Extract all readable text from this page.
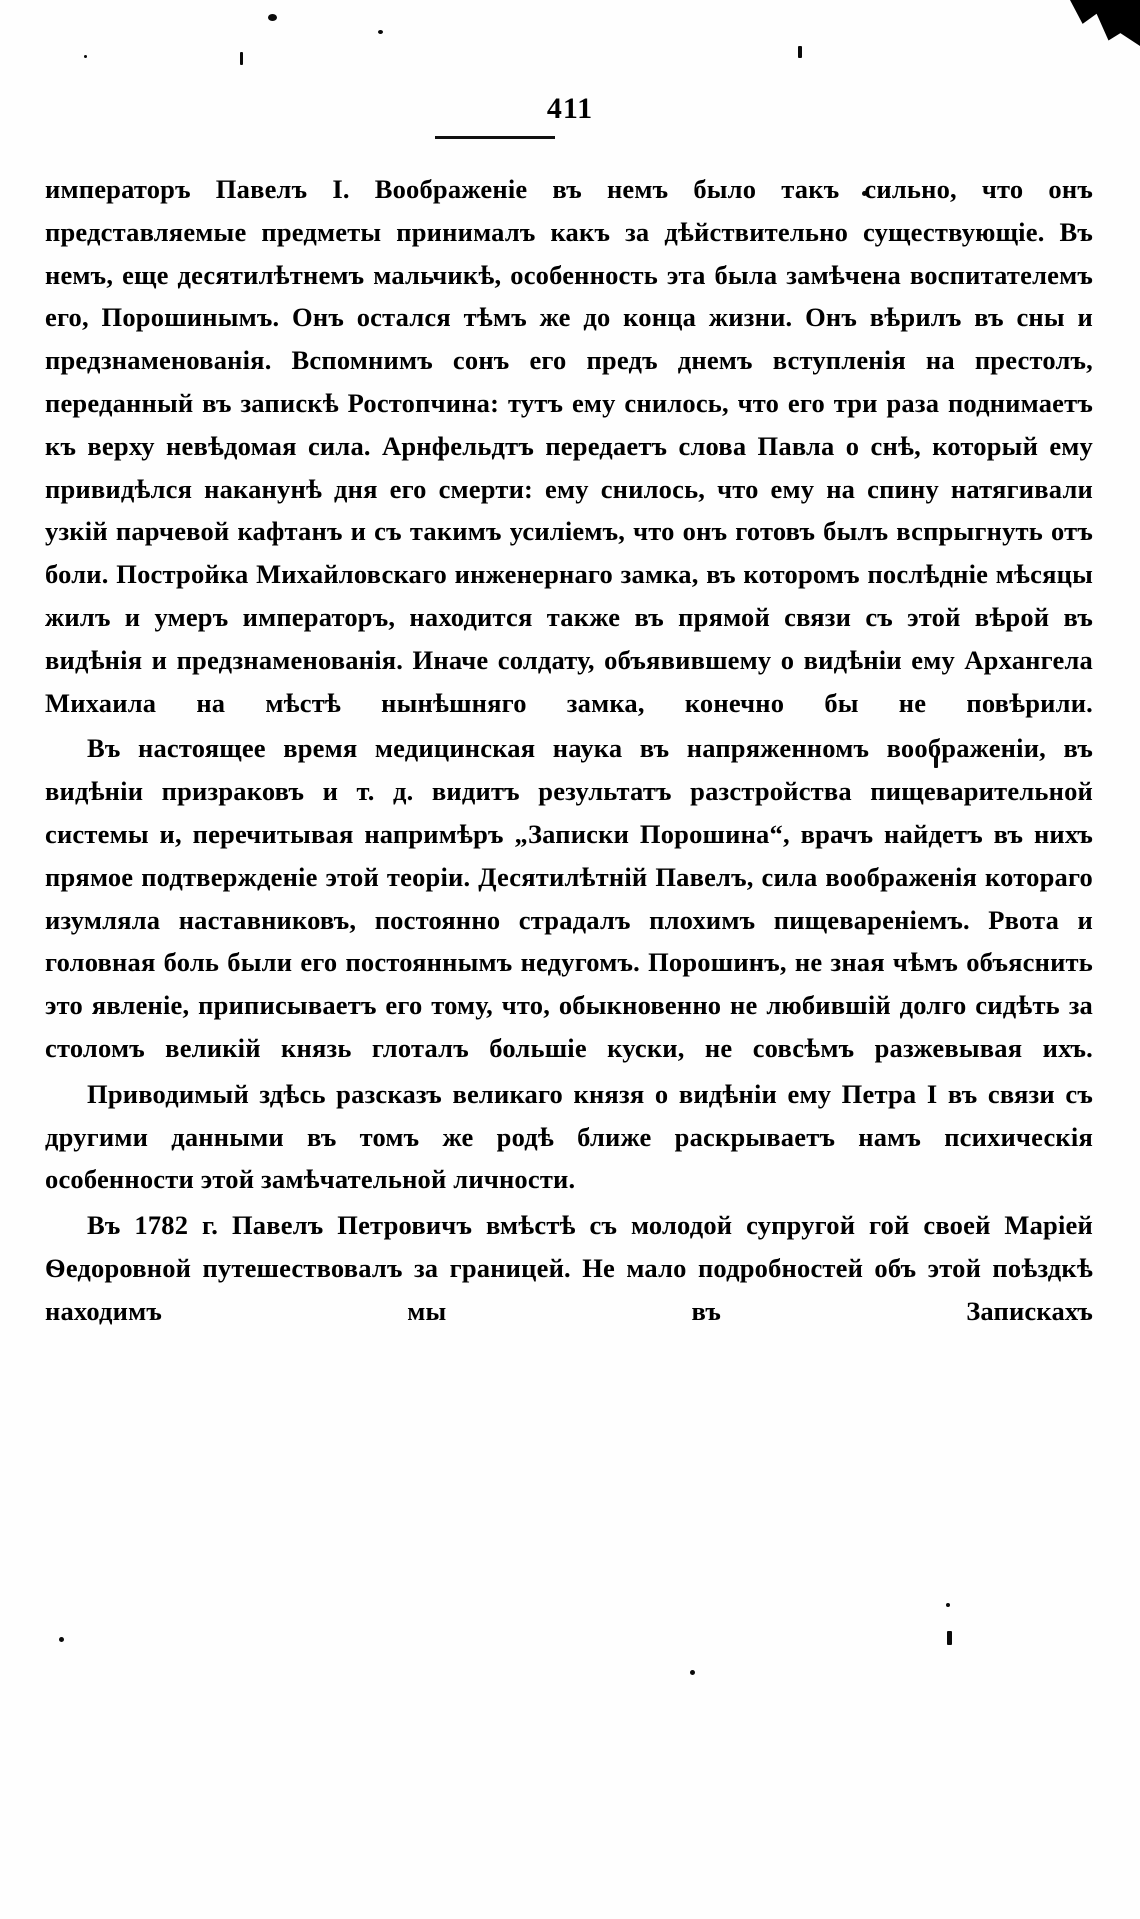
411

императоръ Павелъ I. Воображеніе въ немъ было такъ сильно, что онъ представляемые предметы принималъ какъ за дѣйствительно существующіе. Въ немъ, еще десятилѣтнемъ мальчикѣ, особенность эта была замѣчена воспитателемъ его, Порошинымъ. Онъ остался тѣмъ же до конца жизни. Онъ вѣрилъ въ сны и предзнаменованія. Вспомнимъ сонъ его предъ днемъ вступленія на престолъ, переданный въ запискѣ Ростопчина: тутъ ему снилось, что его три раза поднимаетъ къ верху невѣдомая сила. Арнфельдтъ передаетъ слова Павла о снѣ, который ему привидѣлся наканунѣ дня его смерти: ему снилось, что ему на спину натягивали узкій парчевой кафтанъ и съ такимъ усиліемъ, что онъ готовъ былъ вспрыгнуть отъ боли. Постройка Михайловскаго инженернаго замка, въ которомъ послѣдніе мѣсяцы жилъ и умеръ императоръ, находится также въ прямой связи съ этой вѣрой въ видѣнія и предзнаменованія. Иначе солдату, объявившему о видѣніи ему Архангела Михаила на мѣстѣ нынѣшняго замка, конечно бы не повѣрили.

Въ настоящее время медицинская наука въ напряженномъ воображеніи, въ видѣніи призраковъ и т. д. видитъ результатъ разстройства пищеварительной системы и, перечитывая напримѣръ „Записки Порошина“, врачъ найдетъ въ нихъ прямое подтвержденіе этой теоріи. Десятилѣтній Павелъ, сила воображенія котораго изумляла наставниковъ, постоянно страдалъ плохимъ пищевареніемъ. Рвота и головная боль были его постояннымъ недугомъ. Порошинъ, не зная чѣмъ объяснить это явленіе, приписываетъ его тому, что, обыкновенно не любившій долго сидѣть за столомъ великій князь глоталъ большіе куски, не совсѣмъ разжевывая ихъ.

Приводимый здѣсь разсказъ великаго князя о видѣніи ему Петра I въ связи съ другими данными въ томъ же родѣ ближе раскрываетъ намъ психическія особенности этой замѣчательной личности.

Въ 1782 г. Павелъ Петровичъ вмѣстѣ съ молодой супругой гой своей Маріей Ѳедоровной путешествовалъ за границей. Не мало подробностей объ этой поѣздкѣ находимъ мы въ Запискахъ
